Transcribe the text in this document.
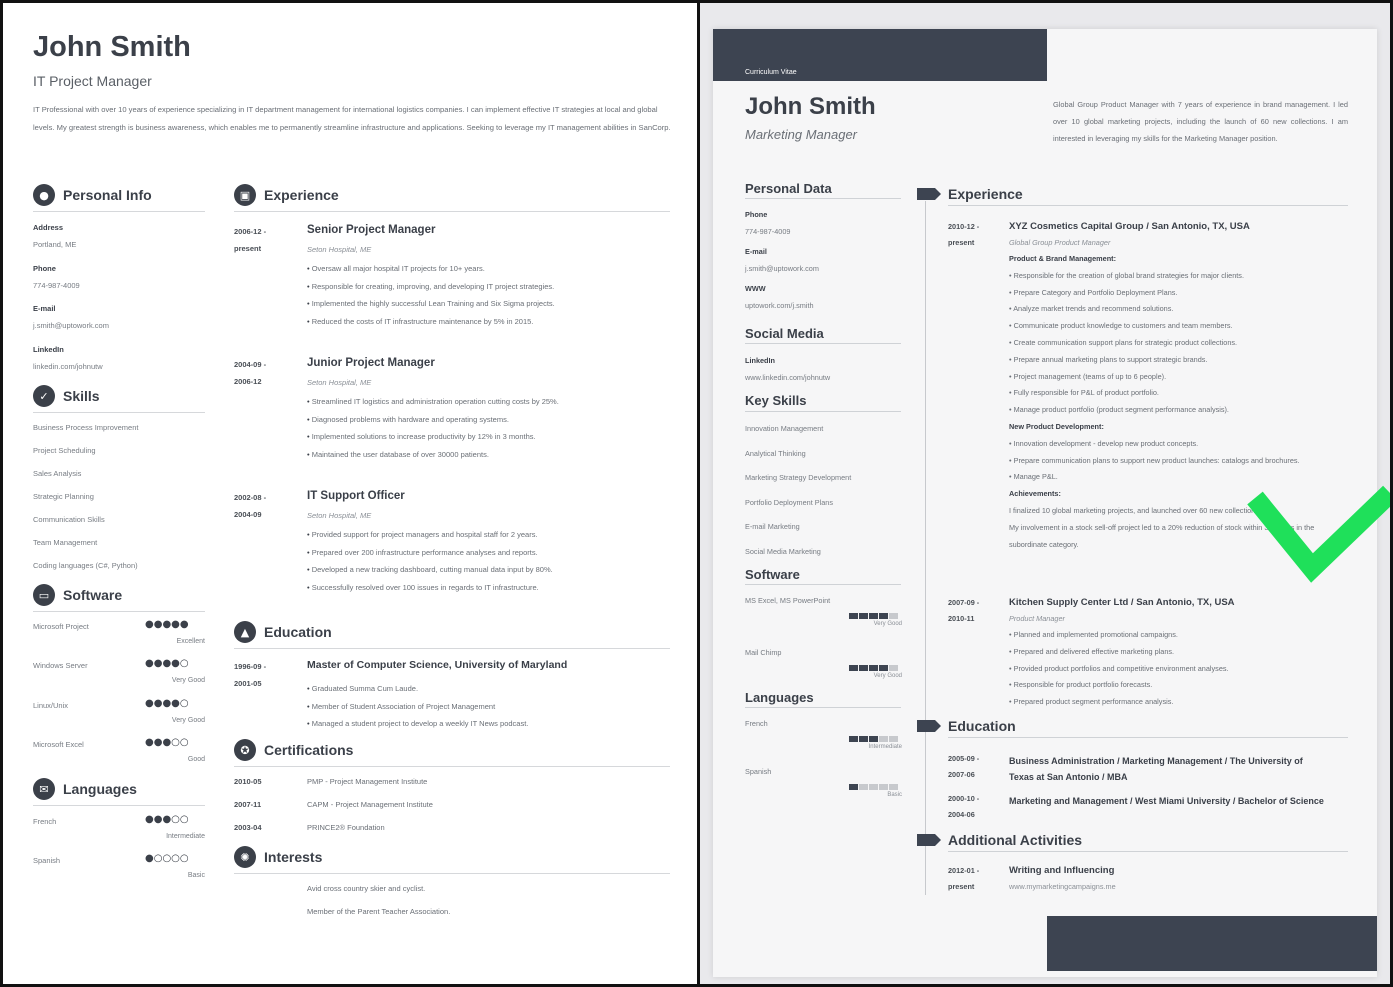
John Smith
IT Project Manager
IT Professional with over 10 years of experience specializing in IT department management for international logistics companies. I can implement effective IT strategies at local and global levels. My greatest strength is business awareness, which enables me to permanently streamline infrastructure and applications. Seeking to leverage my IT management abilities in SanCorp.
●	Personal Info
Address
Portland, ME
Phone
774-987-4009
E-mail
j.smith@uptowork.com
LinkedIn
linkedin.com/johnutw
✓	Skills
Business Process Improvement
Project Scheduling
Sales Analysis
Strategic Planning
Communication Skills
Team Management
Coding languages (C#, Python)
▭ Software
Microsoft Project	●●●●●
Excellent
Windows Server	●●●●○
Very Good
Linux/Unix	●●●●○
Very Good
Microsoft Excel	●●●○○
Good
✉	Languages
French	●●●○○
Intermediate
Spanish	●○○○○
Basic
▣ Experience
2006-12 -
present
Senior Project Manager
Seton Hospital, ME
• Oversaw all major hospital IT projects for 10+ years.
• Responsible for creating, improving, and developing IT project strategies.
• Implemented the highly successful Lean Training and Six Sigma projects.
• Reduced the costs of IT infrastructure maintenance by 5% in 2015.
2004-09 -
2006-12
Junior Project Manager
Seton Hospital, ME
• Streamlined IT logistics and administration operation cutting costs by 25%.
• Diagnosed problems with hardware and operating systems.
• Implemented solutions to increase productivity by 12% in 3 months.
• Maintained the user database of over 30000 patients.
2002-08 -
2004-09
IT Support Officer
Seton Hospital, ME
• Provided support for project managers and hospital staff for 2 years.
• Prepared over 200 infrastructure performance analyses and reports.
• Developed a new tracking dashboard, cutting manual data input by 80%.
• Successfully resolved over 100 issues in regards to IT infrastructure.
▲	Education
1996-09 -
2001-05
Master of Computer Science, University of Maryland
• Graduated Summa Cum Laude.
• Member of Student Association of Project Management
• Managed a student project to develop a weekly IT News podcast.
✪	Certifications
2010-05	PMP - Project Management Institute
2007-11	CAPM - Project Management Institute
2003-04	PRINCE2® Foundation
✺	Interests
Avid cross country skier and cyclist.
Member of the Parent Teacher Association.
Curriculum Vitae
John Smith
Marketing Manager
Global Group Product Manager with 7 years of experience in brand management. I led over 10 global marketing projects, including the launch of 60 new collections. I am interested in leveraging my skills for the Marketing Manager position.
Personal Data
Phone
774-987-4009
E-mail
j.smith@uptowork.com
WWW
uptowork.com/j.smith
Social Media
LinkedIn
www.linkedin.com/johnutw
Key Skills
Innovation Management
Analytical Thinking
Marketing Strategy Development
Portfolio Deployment Plans
E-mail Marketing
Social Media Marketing
Software
MS Excel, MS PowerPoint
Very Good
Mail Chimp
Very Good
Languages
French
Intermediate
Spanish
Basic
Experience
2010-12 -
present
XYZ Cosmetics Capital Group / San Antonio, TX, USA
Global Group Product Manager
Product & Brand Management:
• Responsible for the creation of global brand strategies for major clients.
• Prepare Category and Portfolio Deployment Plans.
• Analyze market trends and recommend solutions.
• Communicate product knowledge to customers and team members.
• Create communication support plans for strategic product collections.
• Prepare annual marketing plans to support strategic brands.
• Project management (teams of up to 6 people).
• Fully responsible for P&L of product portfolio.
• Manage product portfolio (product segment performance analysis).
New Product Development:
• Innovation development - develop new product concepts.
• Prepare communication plans to support new product launches: catalogs and brochures.
• Manage P&L.
Achievements:
I finalized 10 global marketing projects, and launched over 60 new collections.
My involvement in a stock sell-off project led to a 20% reduction of stock within 3 months in the subordinate category.
2007-09 -
2010-11
Kitchen Supply Center Ltd / San Antonio, TX, USA
Product Manager
• Planned and implemented promotional campaigns.
• Prepared and delivered effective marketing plans.
• Provided product portfolios and competitive environment analyses.
• Responsible for product portfolio forecasts.
• Prepared product segment performance analysis.
Education
2005-09 -
2007-06
Business Administration / Marketing Management / The University of Texas at San Antonio / MBA
2000-10 -
2004-06
Marketing and Management / West Miami University / Bachelor of Science
Additional Activities
2012-01 -
present
Writing and Influencing
www.mymarketingcampaigns.me
